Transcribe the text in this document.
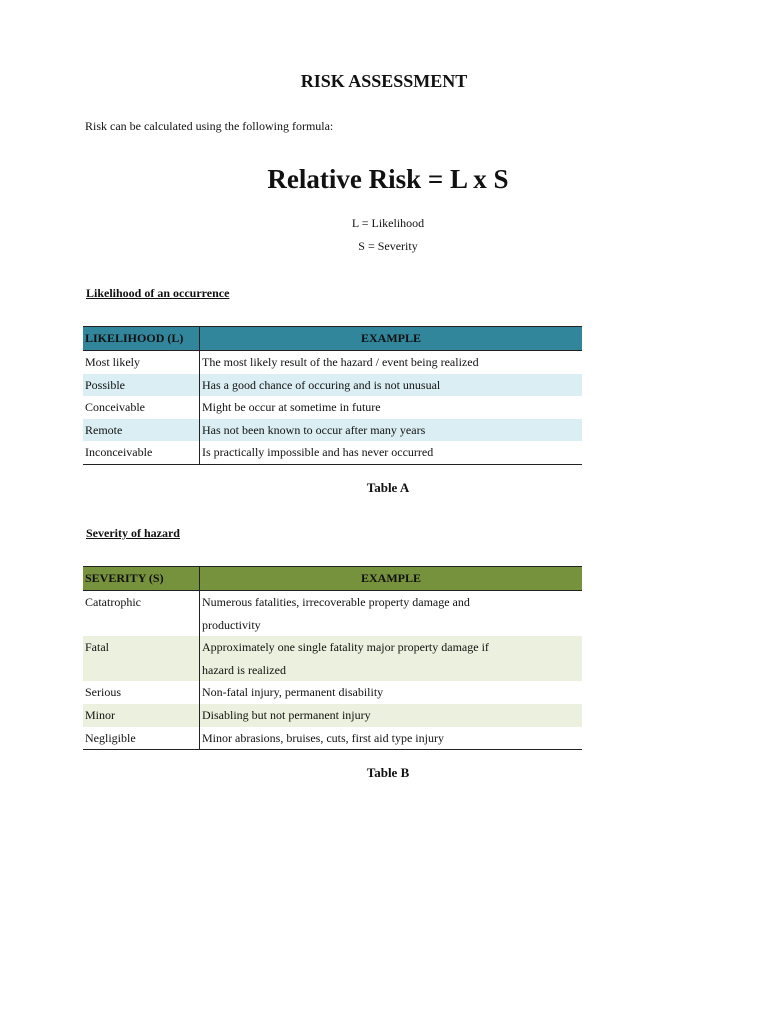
RISK ASSESSMENT

Risk can be calculated using the following formula:

Relative Risk = L x S

L = Likelihood

S = Severity

Likelihood of an occurrence

LIKELIHOOD (L)	EXAMPLE
Most likely	The most likely result of the hazard / event being realized
Possible	Has a good chance of occuring and is not unusual
Conceivable	Might be occur at sometime in future
Remote	Has not been known to occur after many years
Inconceivable	Is practically impossible and has never occurred

Table A

Severity of hazard

SEVERITY (S)	EXAMPLE
Catatrophic	Numerous fatalities, irrecoverable property damage and
	productivity
Fatal	Approximately one single fatality major property damage if
	hazard is realized
Serious	Non-fatal injury, permanent disability
Minor	Disabling but not permanent injury
Negligible	Minor abrasions, bruises, cuts, first aid type injury

Table B
